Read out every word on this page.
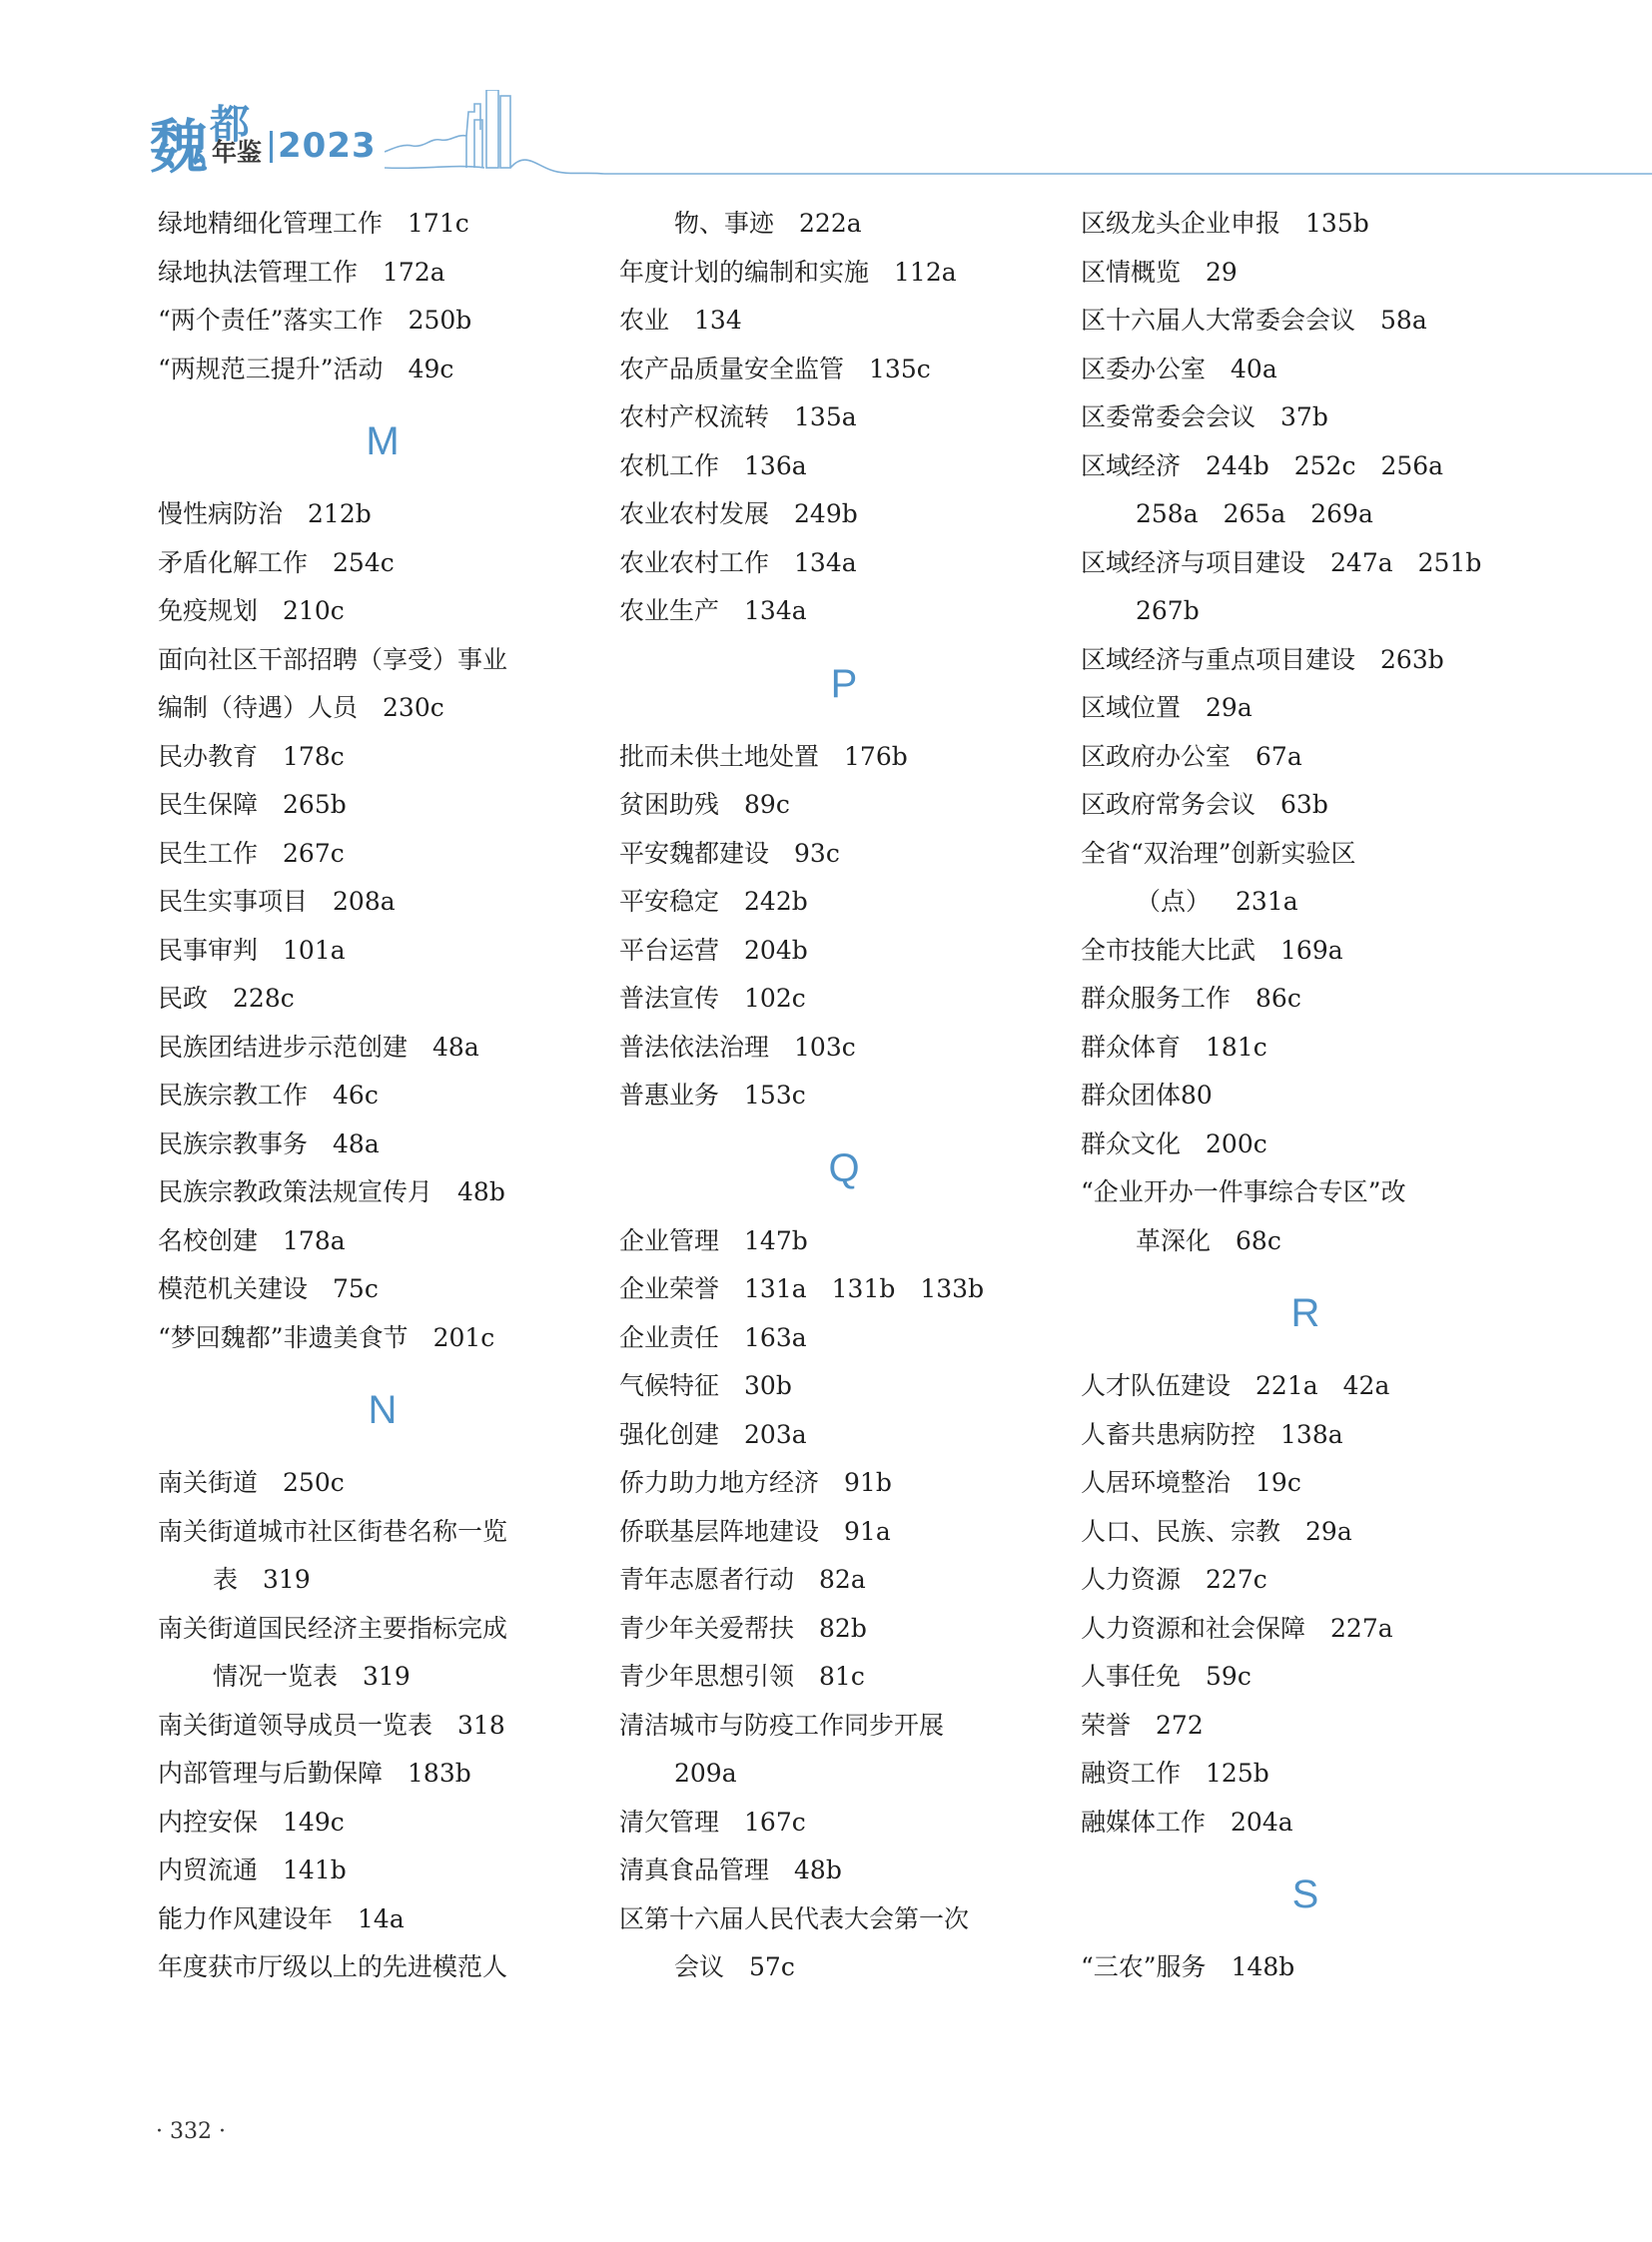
魏 都
年鉴 2023
绿地精细化管理工作 171c
绿地执法管理工作 172a
“两个责任”落实工作 250b
“两规范三提升”活动 49c
M
慢性病防治 212b
矛盾化解工作 254c
免疫规划 210c
面向社区干部招聘（享受）事业
编制（待遇）人员 230c
民办教育 178c
民生保障 265b
民生工作 267c
民生实事项目 208a
民事审判 101a
民政 228c
民族团结进步示范创建 48a
民族宗教工作 46c
民族宗教事务 48a
民族宗教政策法规宣传月 48b
名校创建 178a
模范机关建设 75c
“梦回魏都”非遗美食节 201c
N
南关街道 250c
南关街道城市社区街巷名称一览
表 319
南关街道国民经济主要指标完成
情况一览表 319
南关街道领导成员一览表 318
内部管理与后勤保障 183b
内控安保 149c
内贸流通 141b
能力作风建设年 14a
年度获市厅级以上的先进模范人
物、事迹 222a
年度计划的编制和实施 112a
农业 134
农产品质量安全监管 135c
农村产权流转 135a
农机工作 136a
农业农村发展 249b
农业农村工作 134a
农业生产 134a
P
批而未供土地处置 176b
贫困助残 89c
平安魏都建设 93c
平安稳定 242b
平台运营 204b
普法宣传 102c
普法依法治理 103c
普惠业务 153c
Q
企业管理 147b
企业荣誉 131a　131b　133b
企业责任 163a
气候特征 30b
强化创建 203a
侨力助力地方经济 91b
侨联基层阵地建设 91a
青年志愿者行动 82a
青少年关爱帮扶 82b
青少年思想引领 81c
清洁城市与防疫工作同步开展
209a
清欠管理 167c
清真食品管理 48b
区第十六届人民代表大会第一次
会议 57c
区级龙头企业申报 135b
区情概览 29
区十六届人大常委会会议 58a
区委办公室 40a
区委常委会会议 37b
区域经济 244b　252c　256a
258a　265a　269a
区域经济与项目建设 247a　251b
267b
区域经济与重点项目建设 263b
区域位置 29a
区政府办公室 67a
区政府常务会议 63b
全省“双治理”创新实验区
（点） 231a
全市技能大比武 169a
群众服务工作 86c
群众体育 181c
群众团体80
群众文化 200c
“企业开办一件事综合专区”改
革深化 68c
R
人才队伍建设 221a　42a
人畜共患病防控 138a
人居环境整治 19c
人口、民族、宗教 29a
人力资源 227c
人力资源和社会保障 227a
人事任免 59c
荣誉 272
融资工作 125b
融媒体工作 204a
S
“三农”服务 148b
· 332 ·
